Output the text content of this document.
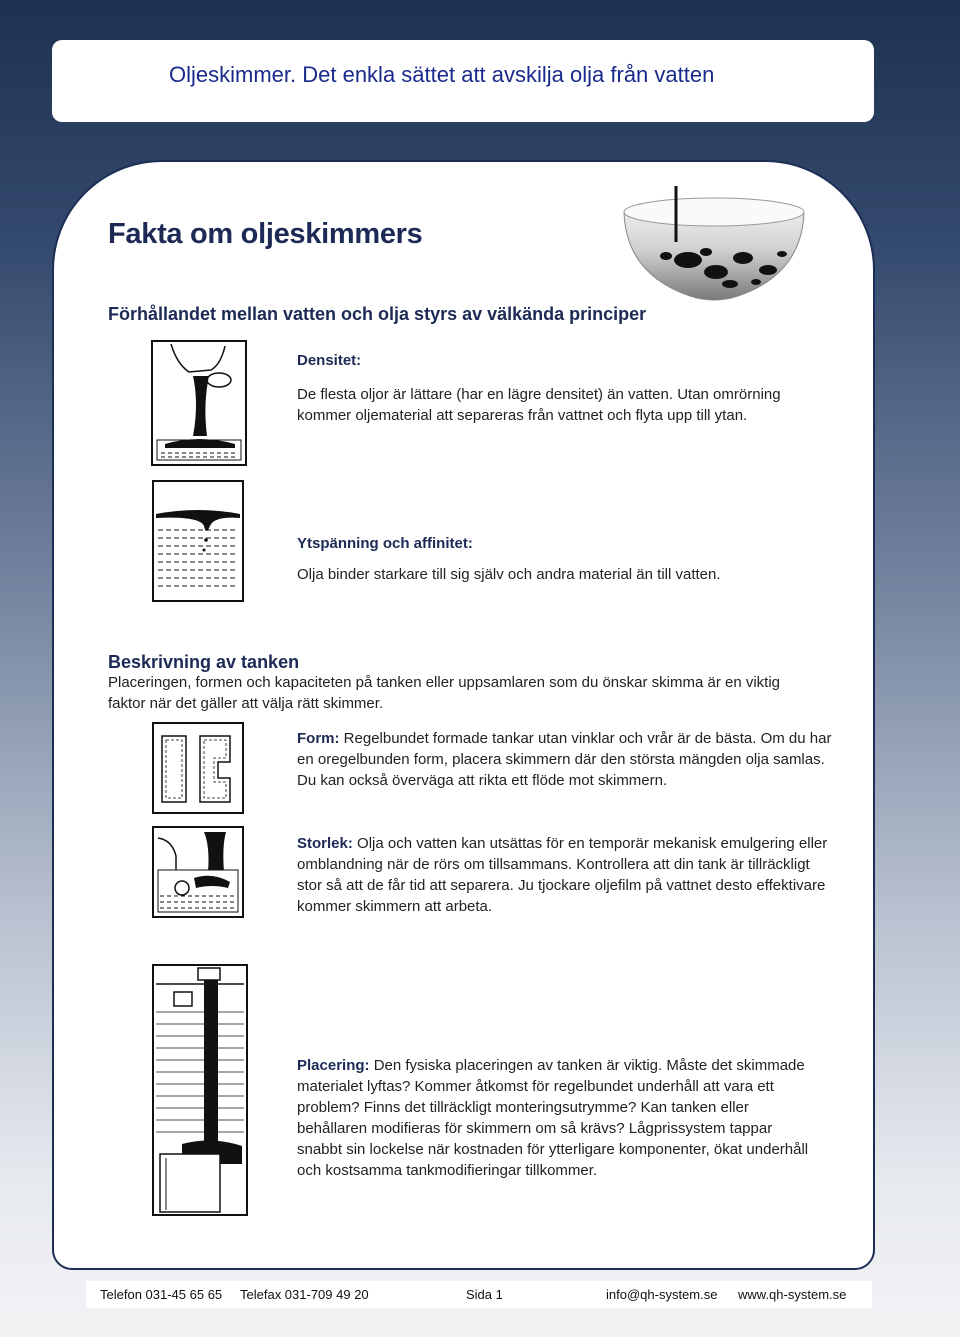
Oljeskimmer. Det enkla sättet att avskilja olja från vatten
Fakta om oljeskimmers
Förhållandet mellan vatten och olja styrs av välkända principer
Densitet:
De flesta oljor är lättare (har en lägre densitet) än vatten. Utan omrörning kommer oljematerial att separeras från vattnet och flyta upp till ytan.
Ytspänning och affinitet:
Olja binder starkare till sig själv och andra material än till vatten.
Beskrivning av tanken
Placeringen, formen och kapaciteten på tanken eller uppsamlaren som du önskar skimma är en viktig faktor när det gäller att välja rätt skimmer.
Form: Regelbundet formade tankar utan vinklar och vrår är de bästa. Om du har en oregelbunden form, placera skimmern där den största mängden olja samlas. Du kan också överväga att rikta ett flöde mot skimmern.
Storlek: Olja och vatten kan utsättas för en temporär mekanisk emulgering eller omblandning när de rörs om tillsammans. Kontrollera att din tank är tillräckligt stor så att de får tid att separera. Ju tjockare oljefilm på vattnet desto effektivare kommer skimmern att arbeta.
Placering: Den fysiska placeringen av tanken är viktig. Måste det skimmade materialet lyftas? Kommer åtkomst för regelbundet underhåll att vara ett problem? Finns det tillräckligt monteringsutrymme? Kan tanken eller behållaren modifieras för skimmern om så krävs? Lågprissystem tappar snabbt sin lockelse när kostnaden för ytterligare komponenter, ökat underhåll och kostsamma tankmodifieringar tillkommer.
Telefon 031-45 65 65 Telefax 031-709 49 20	Sida 1	info@qh-system.se www.qh-system.se
